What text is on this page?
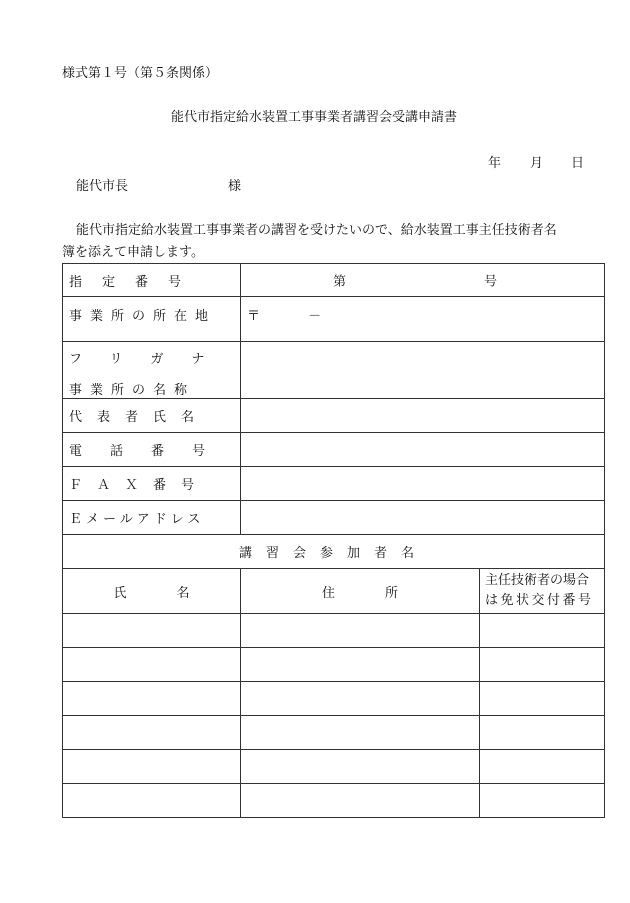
様式第１号（第５条関係）
能代市指定給水装置工事事業者講習会受講申請書
年 月 日
能代市長	様
能代市指定給水装置工事事業者の講習を受けたいので、給水装置工事主任技術者名
簿を添えて申請します。
指定番号	第 号

事業所の所在地	〒 －

フリガナ
事業所の名称	

代表者氏名	

電話番号	

ＦＡＸ番号	

Ｅメールアドレス	

講習会参加者名		
氏名	住所	主任技術者の場合
は免状交付番号
